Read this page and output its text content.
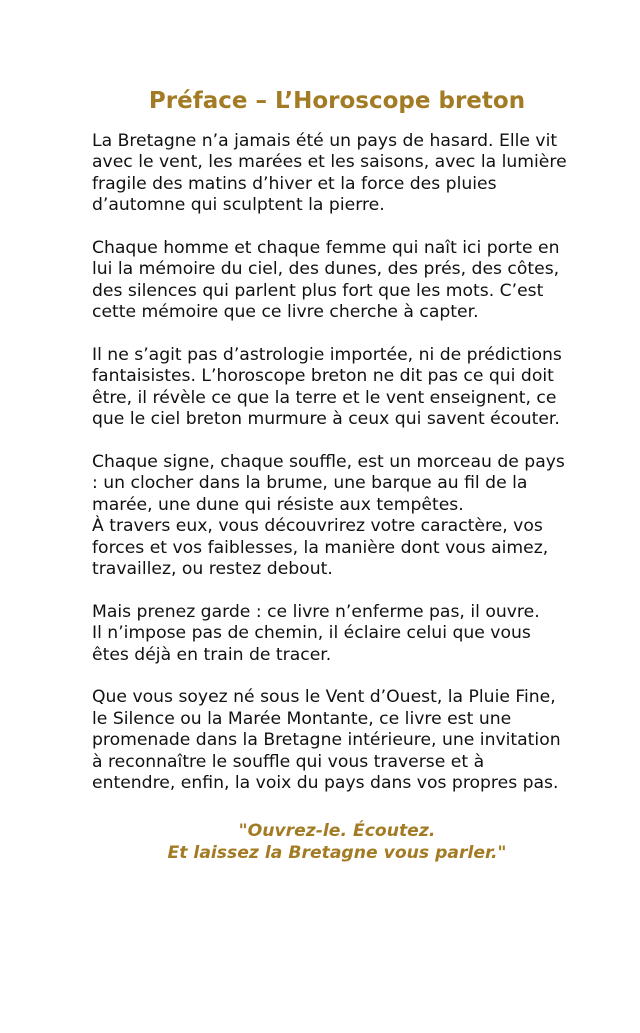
Préface – L’Horoscope breton

La Bretagne n’a jamais été un pays de hasard. Elle vit
avec le vent, les marées et les saisons, avec la lumière
fragile des matins d’hiver et la force des pluies
d’automne qui sculptent la pierre.

Chaque homme et chaque femme qui naît ici porte en
lui la mémoire du ciel, des dunes, des prés, des côtes,
des silences qui parlent plus fort que les mots. C’est
cette mémoire que ce livre cherche à capter.

Il ne s’agit pas d’astrologie importée, ni de prédictions
fantaisistes. L’horoscope breton ne dit pas ce qui doit
être, il révèle ce que la terre et le vent enseignent, ce
que le ciel breton murmure à ceux qui savent écouter.

Chaque signe, chaque souffle, est un morceau de pays
: un clocher dans la brume, une barque au fil de la
marée, une dune qui résiste aux tempêtes.
À travers eux, vous découvrirez votre caractère, vos
forces et vos faiblesses, la manière dont vous aimez,
travaillez, ou restez debout.

Mais prenez garde : ce livre n’enferme pas, il ouvre.
Il n’impose pas de chemin, il éclaire celui que vous
êtes déjà en train de tracer.

Que vous soyez né sous le Vent d’Ouest, la Pluie Fine,
le Silence ou la Marée Montante, ce livre est une
promenade dans la Bretagne intérieure, une invitation
à reconnaître le souffle qui vous traverse et à
entendre, enfin, la voix du pays dans vos propres pas.

"Ouvrez-le. Écoutez.
Et laissez la Bretagne vous parler."
